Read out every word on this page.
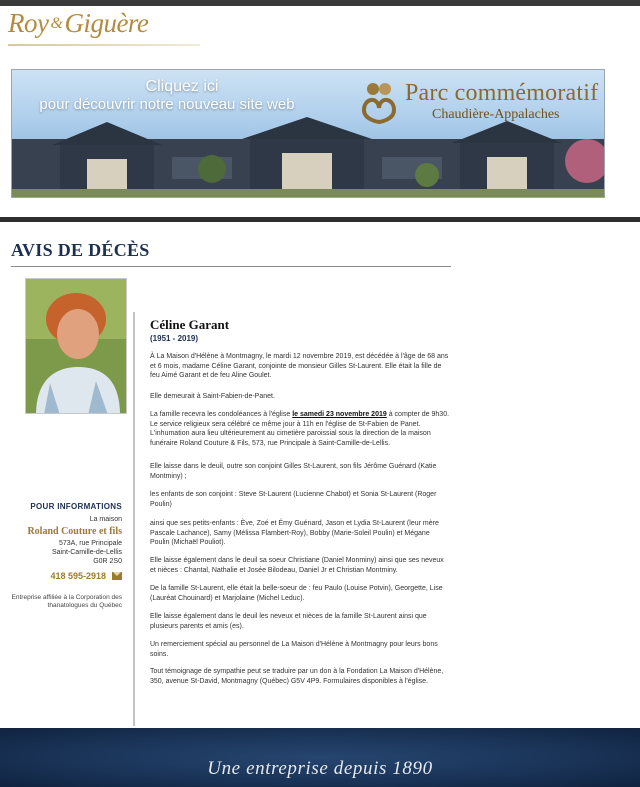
Roy &Giguère
Cliquez ici
pour découvrir notre nouveau site web	Parc commémoratif
Chaudière-Appalaches
AVIS DE DÉCÈS
POUR INFORMATIONS
La maison
Roland Couture et fils
573A, rue Principale
Saint-Camille-de-Lellis
G0R 2S0
418 595-2918
Entreprise affiliée à la Corporation des thanatologues du Québec
Céline Garant
(1951 - 2019)

À La Maison d'Hélène à Montmagny, le mardi 12 novembre 2019, est décédée à l'âge de 68 ans et 6 mois, madame Céline Garant, conjointe de monsieur Gilles St-Laurent. Elle était la fille de feu Aimé Garant et de feu Aline Goulet.

Elle demeurait à Saint-Fabien-de-Panet.

La famille recevra les condoléances à l'église le samedi 23 novembre 2019 à compter de 9h30. Le service religieux sera célébré ce même jour à 11h en l'église de St-Fabien de Panet. L'inhumation aura lieu ultérieurement au cimetière paroissial sous la direction de la maison funéraire Roland Couture & Fils, 573, rue Principale à Saint-Camille-de-Lellis.

Elle laisse dans le deuil, outre son conjoint Gilles St-Laurent, son fils Jérôme Guénard (Katie Montminy) ;

les enfants de son conjoint : Steve St-Laurent (Lucienne Chabot) et Sonia St-Laurent (Roger Poulin)

ainsi que ses petits-enfants : Ève, Zoé et Émy Guénard, Jason et Lydia St-Laurent (leur mère Pascale Lachance), Samy (Mélissa Flambert-Roy), Bobby (Marie-Soleil Poulin) et Mégane Poulin (Michaël Pouliot).

Elle laisse également dans le deuil sa soeur Christiane (Daniel Monminy) ainsi que ses neveux et nièces : Chantal, Nathalie et Josée Bilodeau, Daniel Jr et Christian Montminy.

De la famille St-Laurent, elle était la belle-soeur de : feu Paulo (Louise Potvin), Georgette, Lise (Lauréat Chouinard) et Marjolaine (Michel Leduc).

Elle laisse également dans le deuil les neveux et nièces de la famille St-Laurent ainsi que plusieurs parents et amis (es).

Un remerciement spécial au personnel de La Maison d'Hélène à Montmagny pour leurs bons soins.

Tout témoignage de sympathie peut se traduire par un don à la Fondation La Maison d'Hélène, 350, avenue St-David, Montmagny (Québec) G5V 4P9. Formulaires disponibles à l'église.

Une entreprise depuis 1890
